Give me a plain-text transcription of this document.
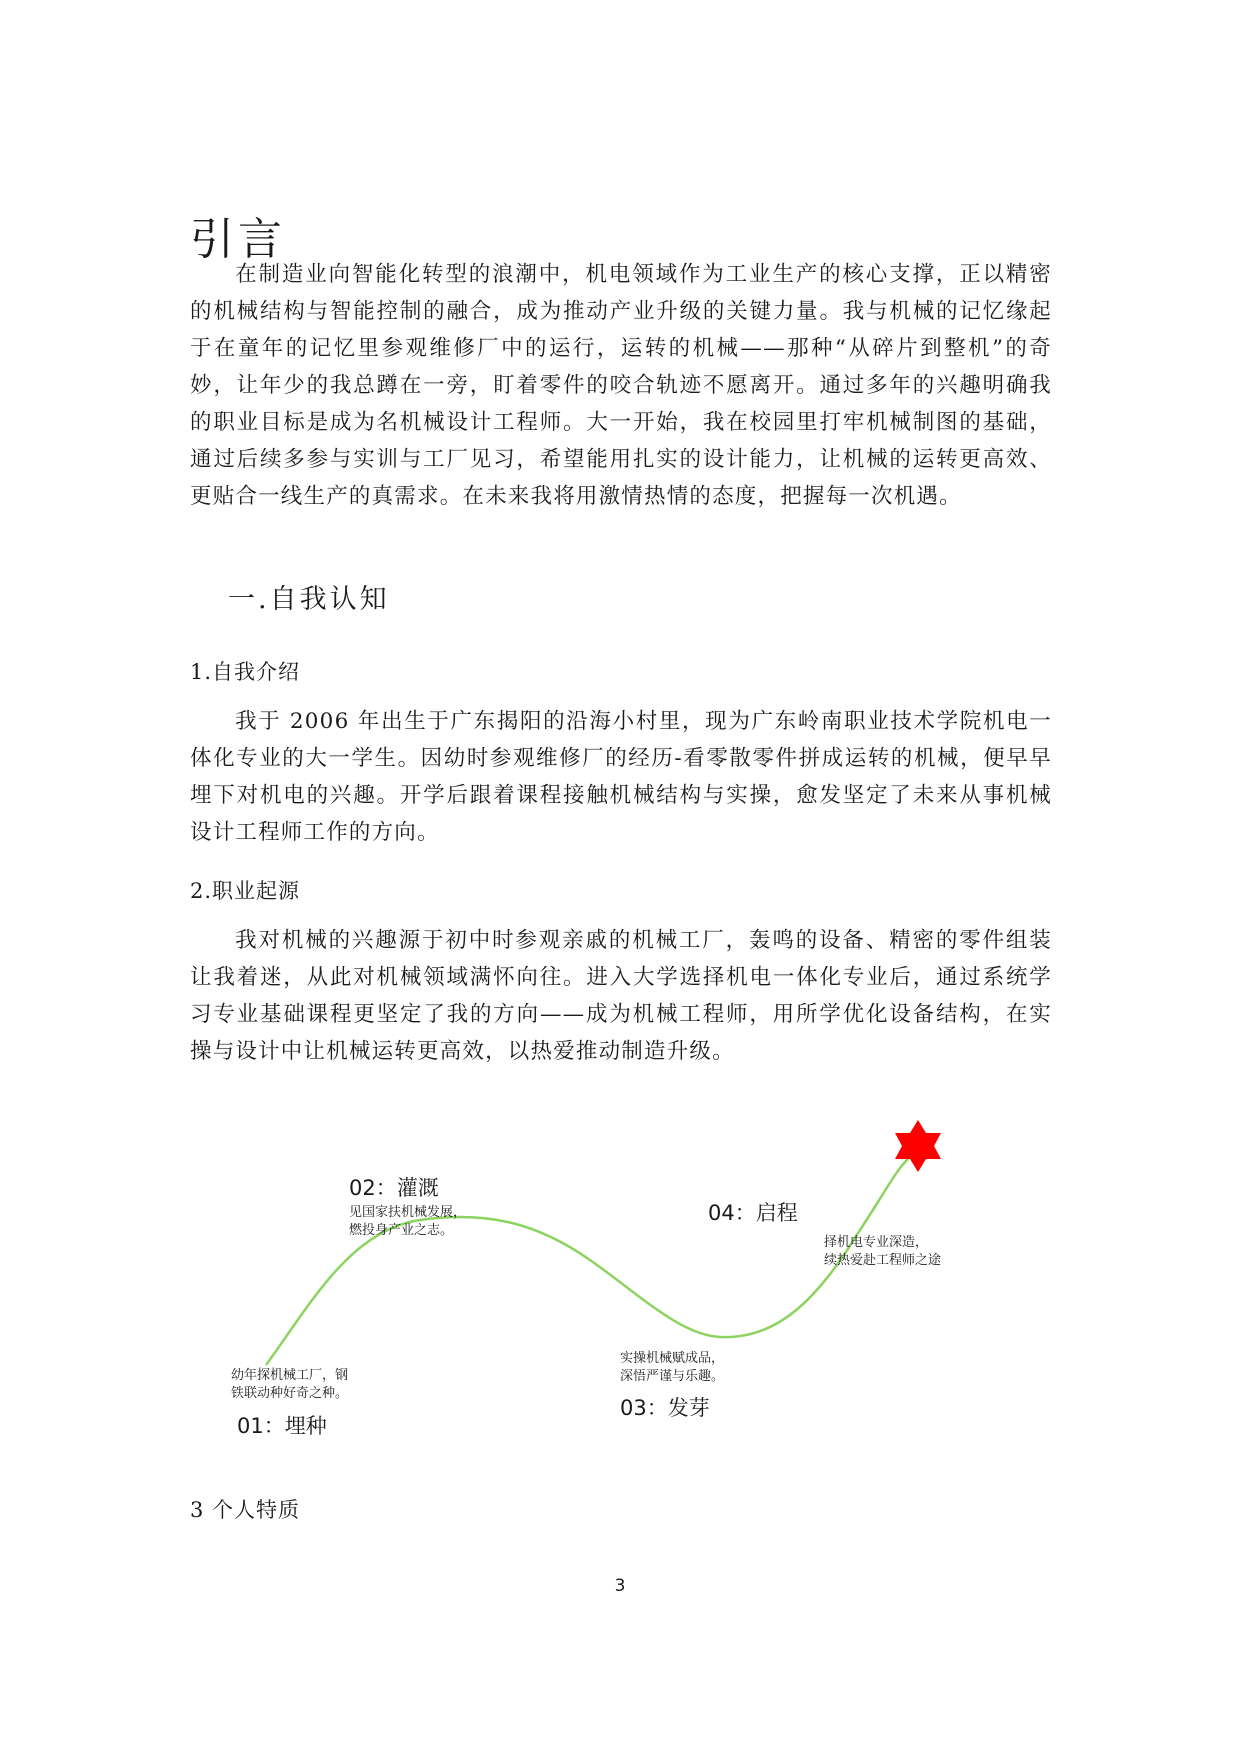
引言

在制造业向智能化转型的浪潮中，机电领域作为工业生产的核心支撑，正以精密的机械结构与智能控制的融合，成为推动产业升级的关键力量。我与机械的记忆缘起于在童年的记忆里参观维修厂中的运行，运转的机械——那种“从碎片到整机”的奇妙，让年少的我总蹲在一旁，盯着零件的咬合轨迹不愿离开。通过多年的兴趣明确我的职业目标是成为名机械设计工程师。大一开始，我在校园里打牢机械制图的基础，通过后续多参与实训与工厂见习，希望能用扎实的设计能力，让机械的运转更高效、更贴合一线生产的真需求。在未来我将用激情热情的态度，把握每一次机遇。

一.自我认知
1.自我介绍

我于 2006 年出生于广东揭阳的沿海小村里，现为广东岭南职业技术学院机电一体化专业的大一学生。因幼时参观维修厂的经历-看零散零件拼成运转的机械，便早早埋下对机电的兴趣。开学后跟着课程接触机械结构与实操，愈发坚定了未来从事机械设计工程师工作的方向。

2.职业起源

我对机械的兴趣源于初中时参观亲戚的机械工厂，轰鸣的设备、精密的零件组装让我着迷，从此对机械领域满怀向往。进入大学选择机电一体化专业后，通过系统学习专业基础课程更坚定了我的方向——成为机械工程师，用所学优化设备结构，在实操与设计中让机械运转更高效，以热爱推动制造升级。

幼年探机械工厂，钢
铁联动种好奇之种。
01：埋种
02：灌溉
见国家扶机械发展，
燃投身产业之志。
实操机械赋成品，
深悟严谨与乐趣。
03：发芽
04：启程
择机电专业深造，
续热爱赴工程师之途
3 个人特质
3
